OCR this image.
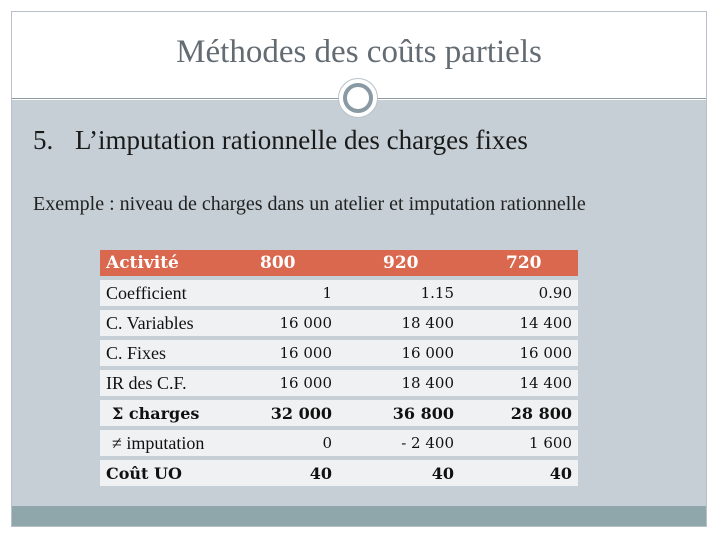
Méthodes des coûts partiels
5. L’imputation rationnelle des charges fixes
Exemple : niveau de charges dans un atelier et imputation rationnelle
Activité	800	920	720
Coefficient	1	1.15	0.90
C. Variables	16 000	18 400	14 400
C. Fixes	16 000	16 000	16 000
IR des C.F.	16 000	18 400	14 400
Σ charges	32 000	36 800	28 800
≠ imputation	0	- 2 400	1 600
Coût UO	40	40	40
